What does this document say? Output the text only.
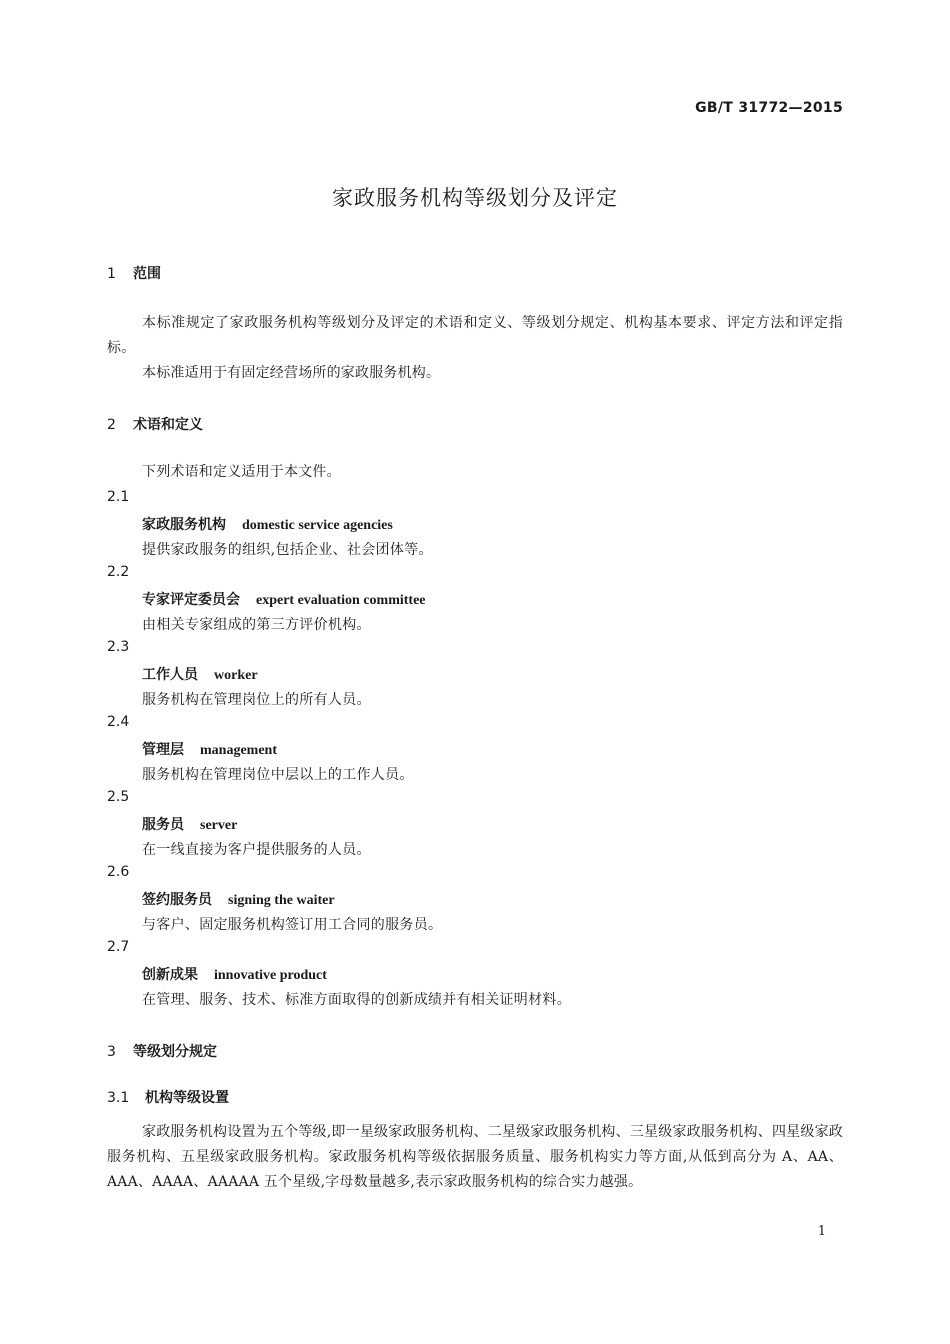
GB/T 31772—2015
家政服务机构等级划分及评定
1 范围
本标准规定了家政服务机构等级划分及评定的术语和定义、等级划分规定、机构基本要求、评定方法和评定指标。
本标准适用于有固定经营场所的家政服务机构。
2 术语和定义
下列术语和定义适用于本文件。
2.1
家政服务机构 domestic service agencies
提供家政服务的组织,包括企业、社会团体等。
2.2
专家评定委员会 expert evaluation committee
由相关专家组成的第三方评价机构。
2.3
工作人员 worker
服务机构在管理岗位上的所有人员。
2.4
管理层 management
服务机构在管理岗位中层以上的工作人员。
2.5
服务员 server
在一线直接为客户提供服务的人员。
2.6
签约服务员 signing the waiter
与客户、固定服务机构签订用工合同的服务员。
2.7
创新成果 innovative product
在管理、服务、技术、标准方面取得的创新成绩并有相关证明材料。
3 等级划分规定
3.1 机构等级设置
家政服务机构设置为五个等级,即一星级家政服务机构、二星级家政服务机构、三星级家政服务机构、四星级家政服务机构、五星级家政服务机构。家政服务机构等级依据服务质量、服务机构实力等方面,从低到高分为 A、AA、AAA、AAAA、AAAAA 五个星级,字母数量越多,表示家政服务机构的综合实力越强。
1
